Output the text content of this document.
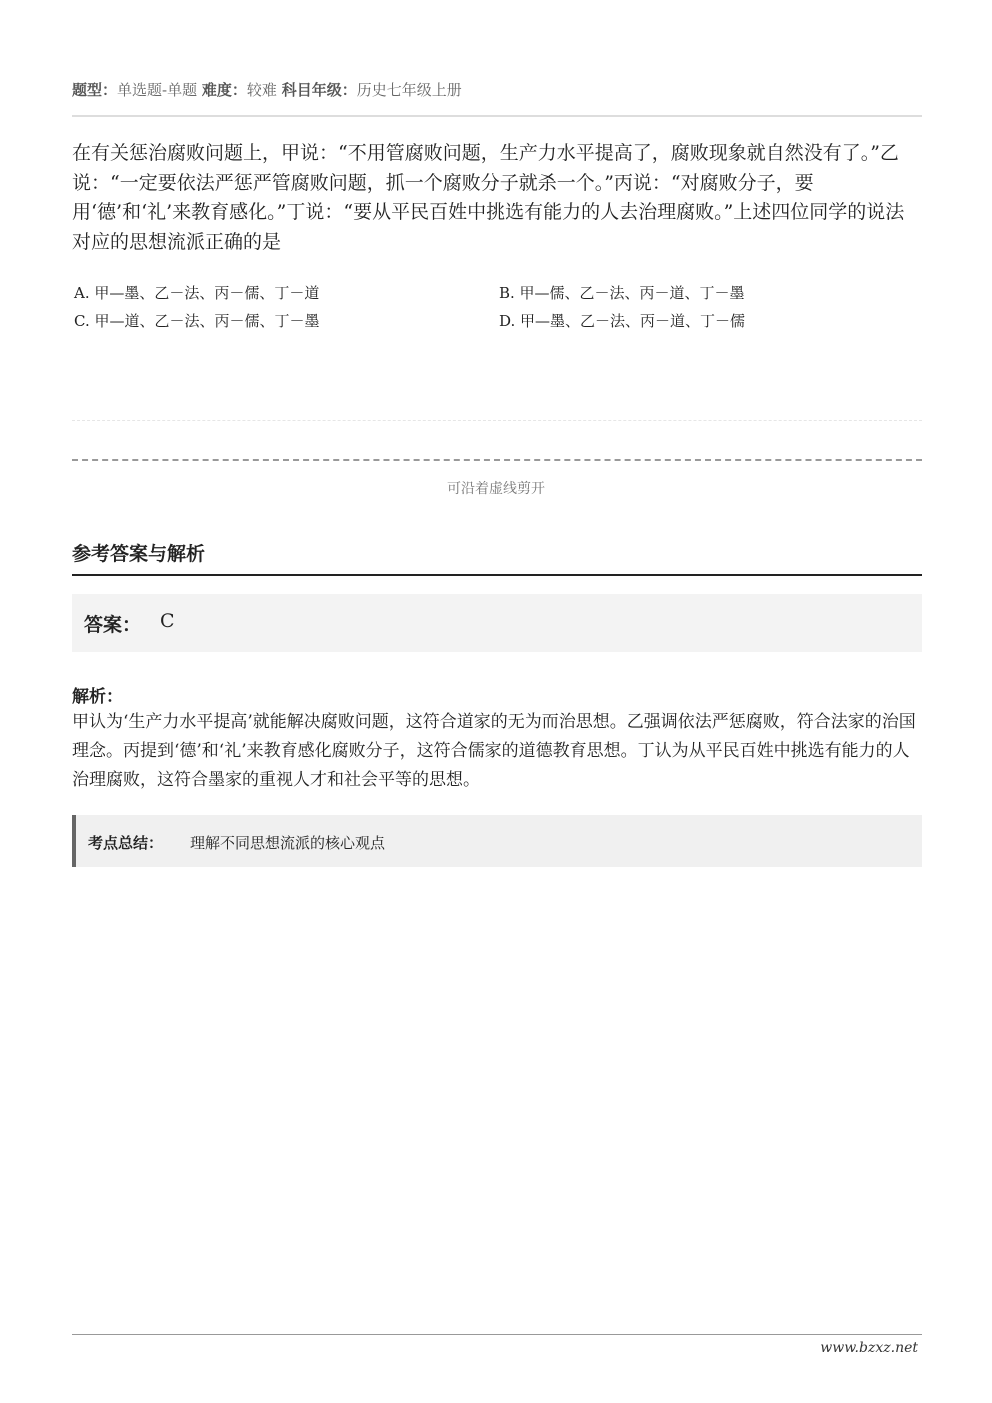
题型：单选题-单题 难度：较难 科目年级：历史七年级上册
在有关惩治腐败问题上，甲说：“不用管腐败问题，生产力水平提高了，腐败现象就自然没有了。”乙说：“一定要依法严惩严管腐败问题，抓一个腐败分子就杀一个。”丙说：“对腐败分子，要用‘德’和‘礼’来教育感化。”丁说：“要从平民百姓中挑选有能力的人去治理腐败。”上述四位同学的说法对应的思想流派正确的是
A. 甲—墨、乙－法、丙－儒、丁－道	B. 甲—儒、乙－法、丙－道、丁－墨
C. 甲—道、乙－法、丙－儒、丁－墨	D. 甲—墨、乙－法、丙－道、丁－儒
可沿着虚线剪开
参考答案与解析
答案： C
解析：
甲认为‘生产力水平提高’就能解决腐败问题，这符合道家的无为而治思想。乙强调依法严惩腐败，符合法家的治国理念。丙提到‘德’和‘礼’来教育感化腐败分子，这符合儒家的道德教育思想。丁认为从平民百姓中挑选有能力的人治理腐败，这符合墨家的重视人才和社会平等的思想。
考点总结： 理解不同思想流派的核心观点
www.bzxz.net
